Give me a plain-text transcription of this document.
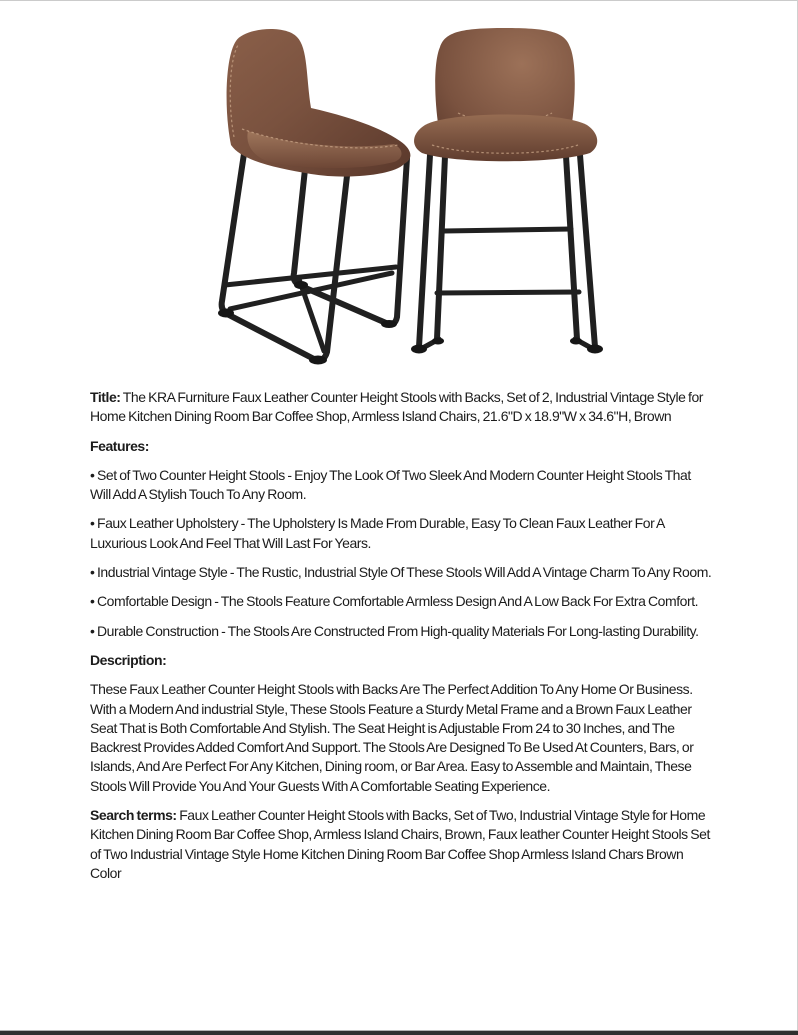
Title: The KRA Furniture Faux Leather Counter Height Stools with Backs, Set of 2, Industrial Vintage Style for Home Kitchen Dining Room Bar Coffee Shop, Armless Island Chairs, 21.6"D x 18.9"W x 34.6"H, Brown

Features:

• Set of Two Counter Height Stools - Enjoy The Look Of Two Sleek And Modern Counter Height Stools That Will Add A Stylish Touch To Any Room.

• Faux Leather Upholstery - The Upholstery Is Made From Durable, Easy To Clean Faux Leather For A Luxurious Look And Feel That Will Last For Years.

• Industrial Vintage Style - The Rustic, Industrial Style Of These Stools Will Add A Vintage Charm To Any Room.

• Comfortable Design - The Stools Feature Comfortable Armless Design And A Low Back For Extra Comfort.

• Durable Construction - The Stools Are Constructed From High-quality Materials For Long-lasting Durability.

Description:

These Faux Leather Counter Height Stools with Backs Are The Perfect Addition To Any Home Or Business. With a Modern And industrial Style, These Stools Feature a Sturdy Metal Frame and a Brown Faux Leather Seat That is Both Comfortable And Stylish. The Seat Height is Adjustable From 24 to 30 Inches, and The Backrest Provides Added Comfort And Support. The Stools Are Designed To Be Used At Counters, Bars, or Islands, And Are Perfect For Any Kitchen, Dining room, or Bar Area. Easy to Assemble and Maintain, These Stools Will Provide You And Your Guests With A Comfortable Seating Experience.

Search terms: Faux Leather Counter Height Stools with Backs, Set of Two, Industrial Vintage Style for Home Kitchen Dining Room Bar Coffee Shop, Armless Island Chairs, Brown, Faux leather Counter Height Stools Set of Two Industrial Vintage Style Home Kitchen Dining Room Bar Coffee Shop Armless Island Chars Brown Color
